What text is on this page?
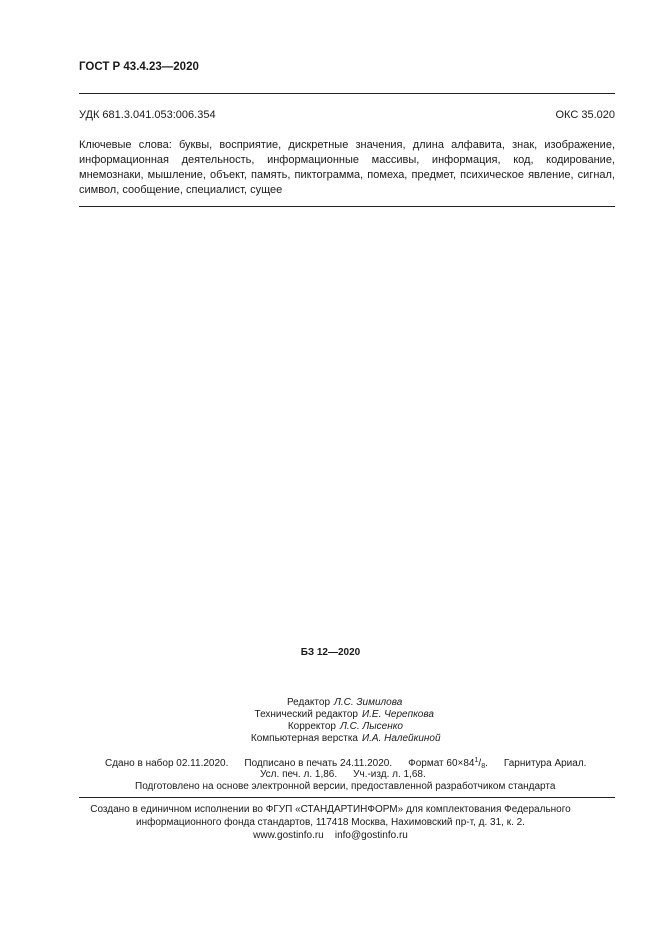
ГОСТ Р 43.4.23—2020
УДК 681.3.041.053:006.354	ОКС 35.020
Ключевые слова: буквы, восприятие, дискретные значения, длина алфавита, знак, изображение,
информационная деятельность, информационные массивы, информация, код, кодирование,
мнемознаки, мышление, объект, память, пиктограмма, помеха, предмет, психическое явление, сигнал,
символ, сообщение, специалист, сущее
БЗ 12—2020
Редактор Л.С. Зимилова
Технический редактор И.Е. Черепкова
Корректор Л.С. Лысенко
Компьютерная верстка И.А. Налейкиной
Сдано в набор 02.11.2020. Подписано в печать 24.11.2020. Формат $60\times 84^1/_8$. Гарнитура Ариал.
Усл. печ. л. 1,86. Уч.-изд. л. 1,68.
Подготовлено на основе электронной версии, предоставленной разработчиком стандарта
Создано в единичном исполнении во ФГУП «СТАНДАРТИНФОРМ» для комплектования Федерального
информационного фонда стандартов, 117418 Москва, Нахимовский пр-т, д. 31, к. 2.
www.gostinfo.ru info@gostinfo.ru
